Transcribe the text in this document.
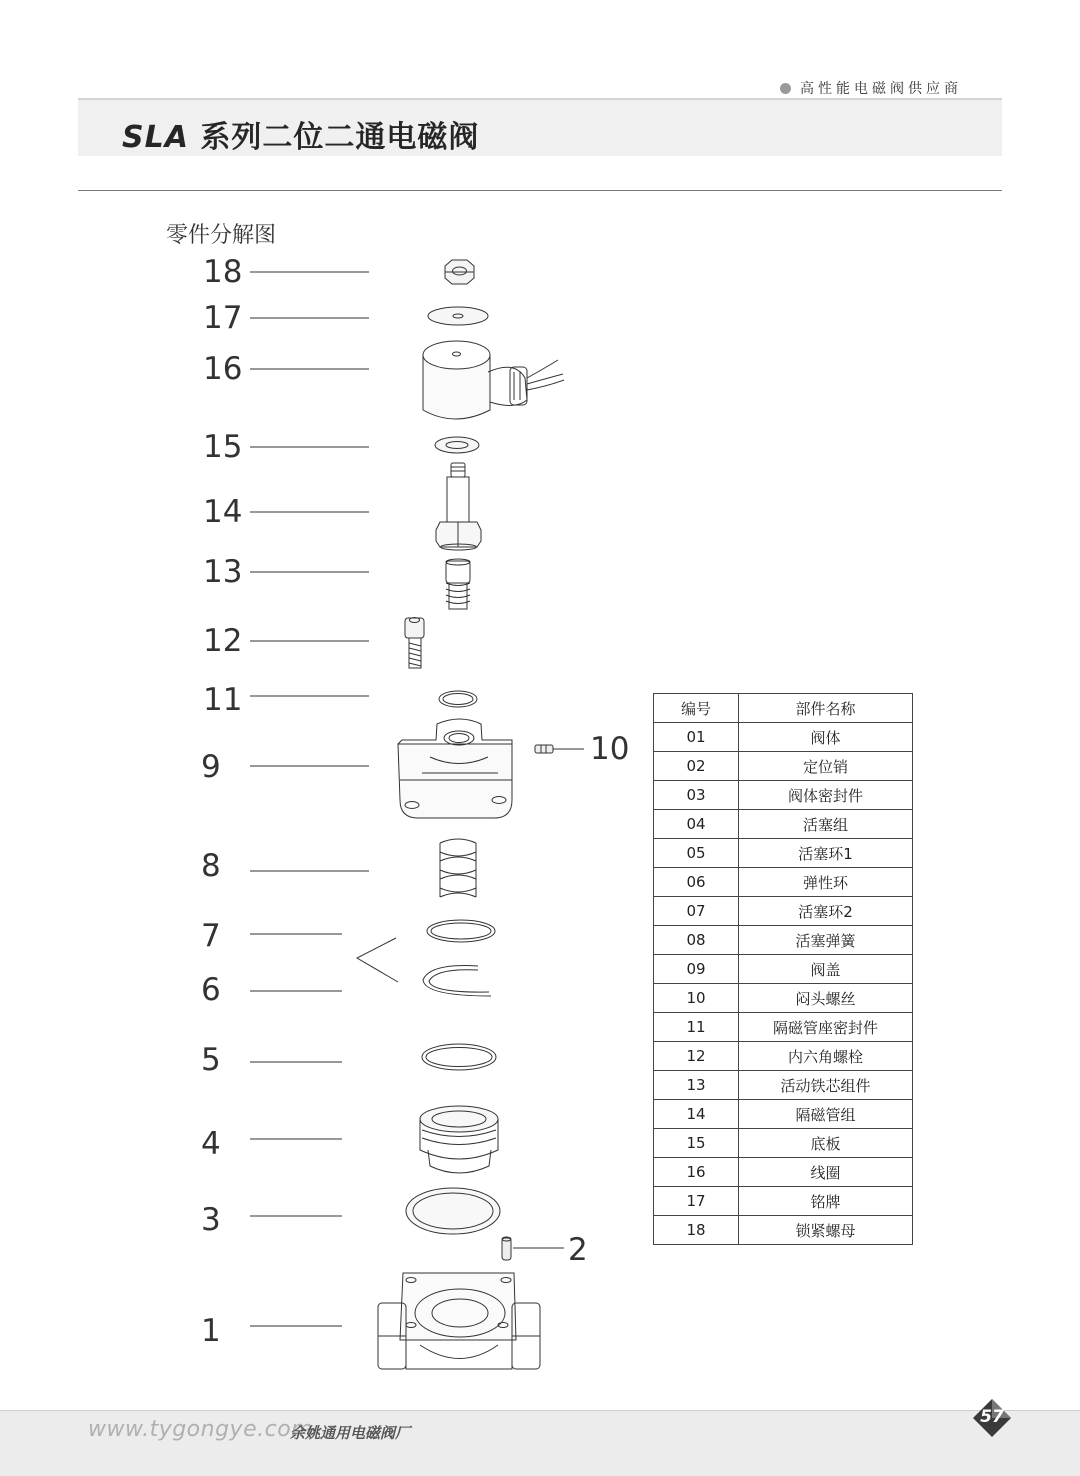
高性能电磁阀供应商
SLA 系列二位二通电磁阀
零件分解图
18
17
16
15
14
13
12
11
9
8
7
6
5
4
3
1
10
2
编号	部件名称
01	阀体
02	定位销
03	阀体密封件
04	活塞组
05	活塞环1
06	弹性环
07	活塞环2
08	活塞弹簧
09	阀盖
10	闷头螺丝
11	隔磁管座密封件
12	内六角螺栓
13	活动铁芯组件
14	隔磁管组
15	底板
16	线圈
17	铭牌
18	锁紧螺母
www.tygongye.com
余姚通用电磁阀厂
57
